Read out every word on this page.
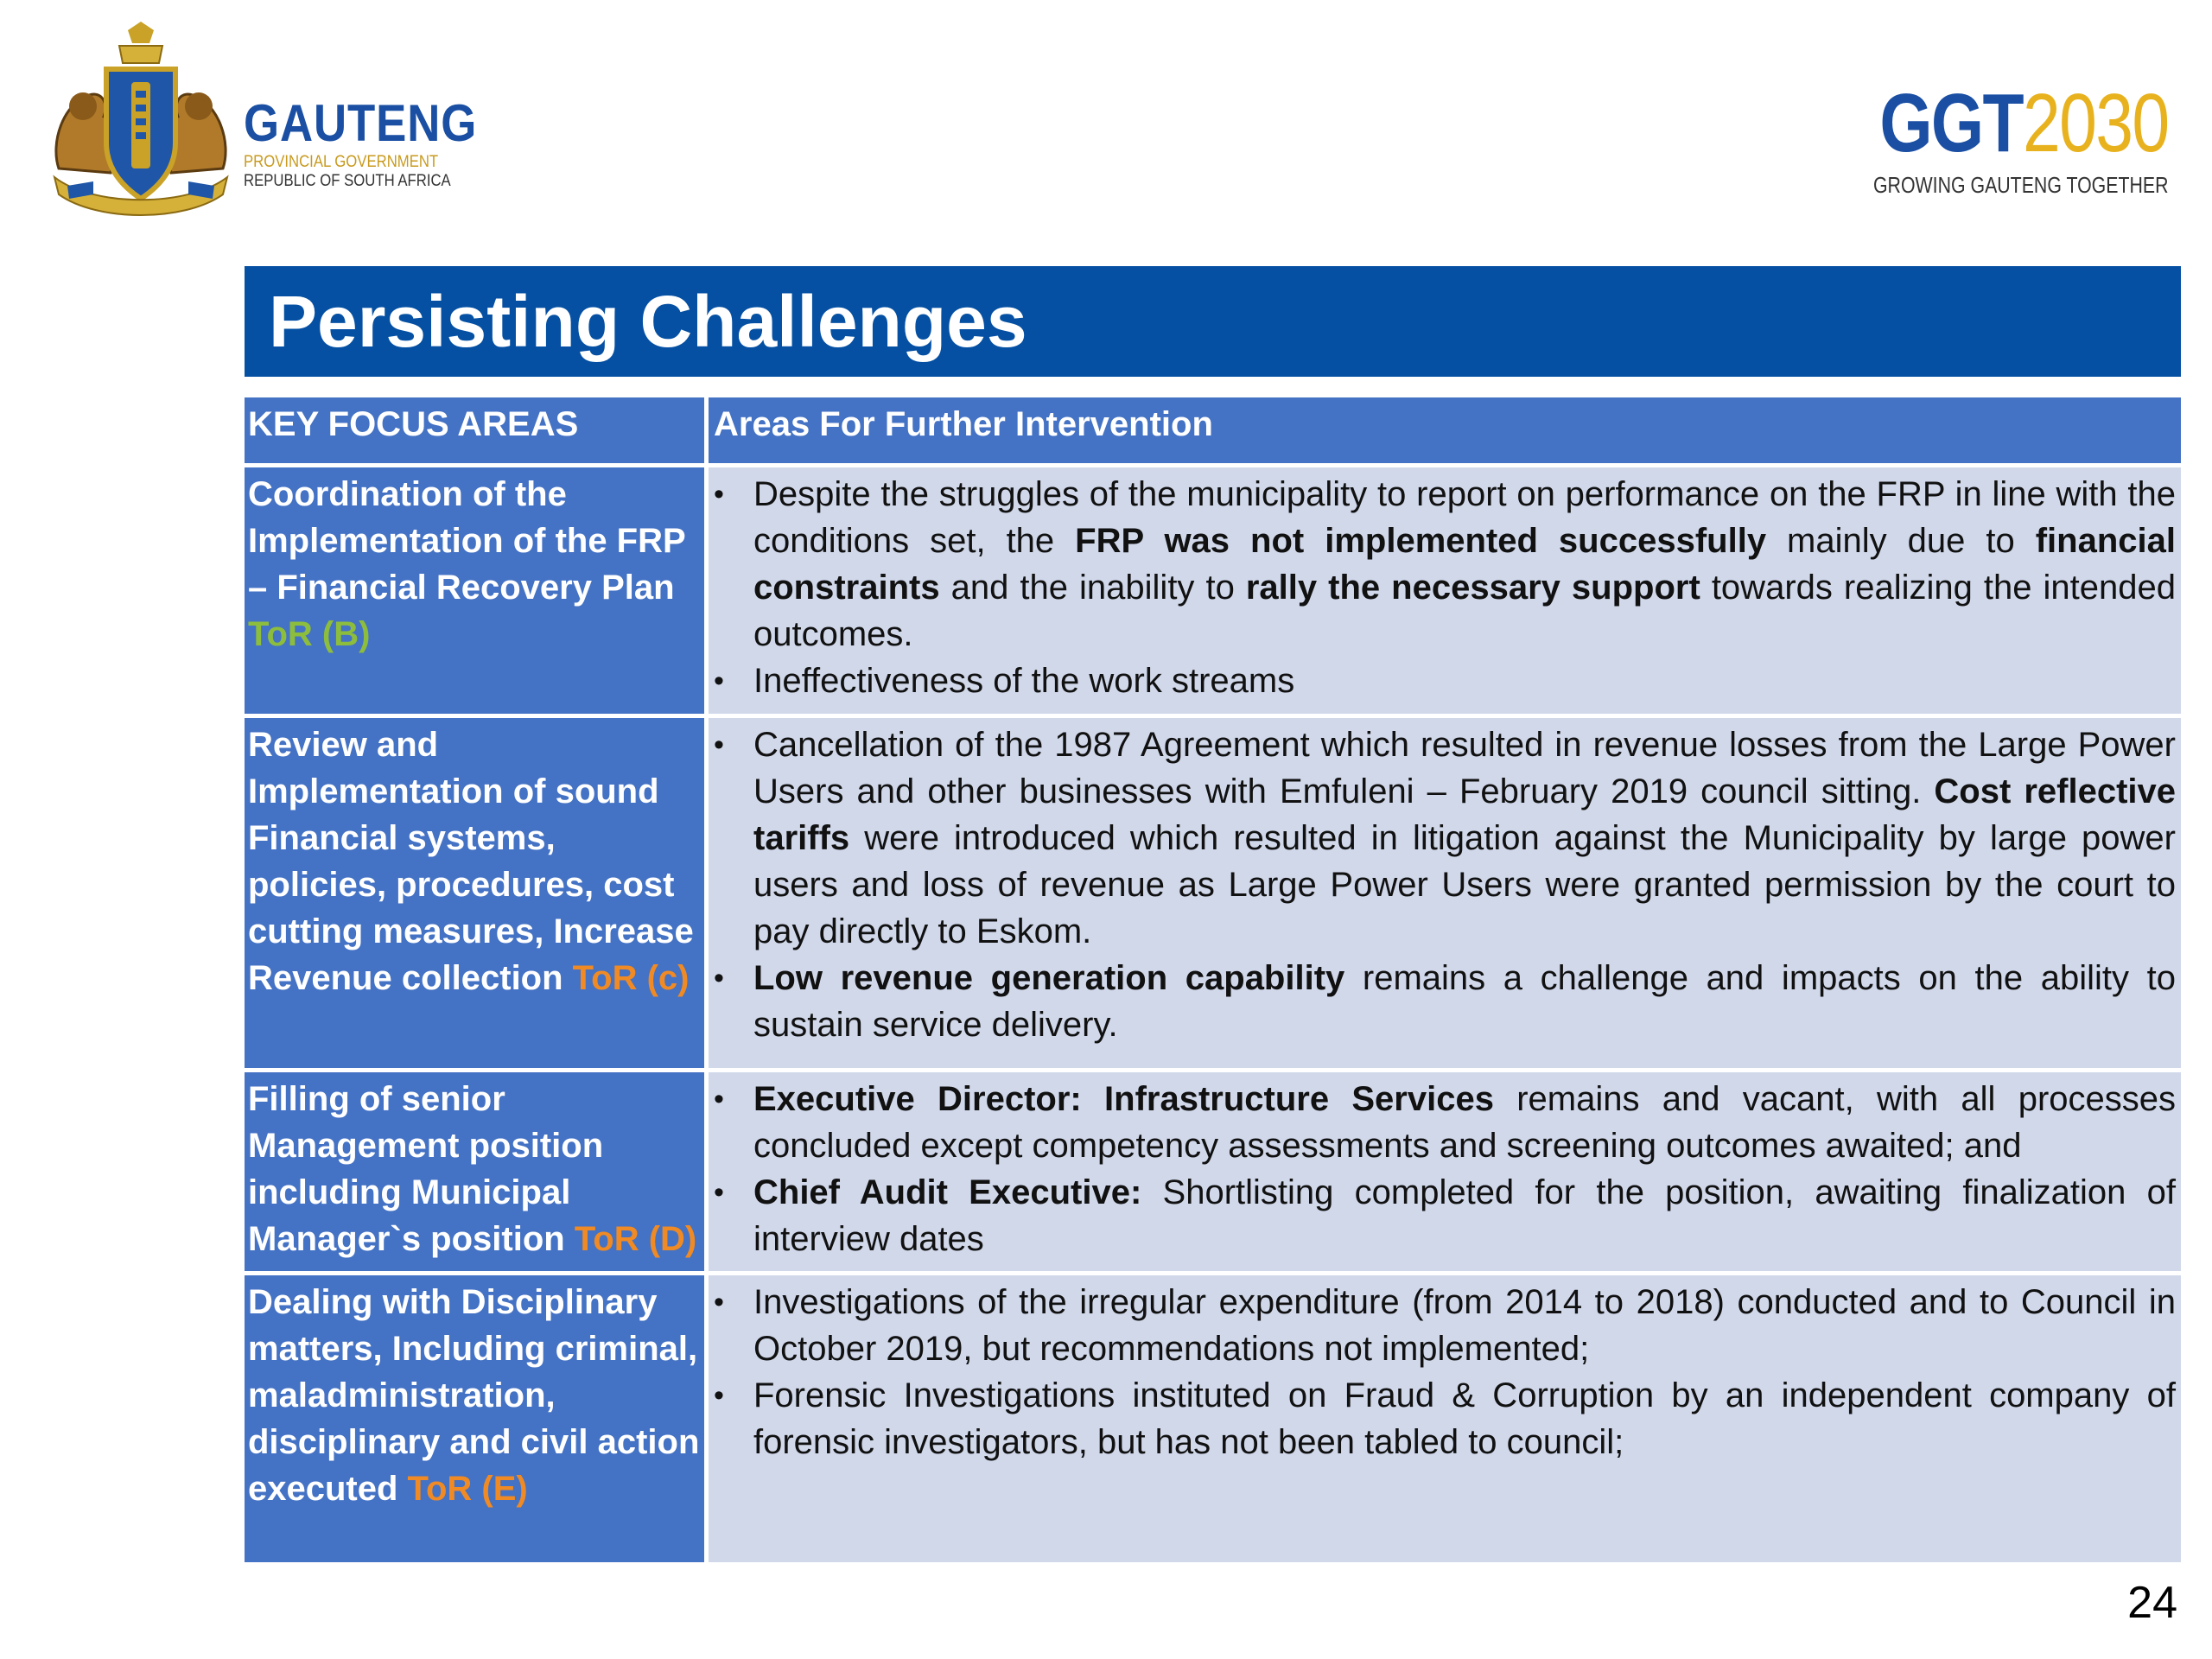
GAUTENG
PROVINCIAL GOVERNMENT
REPUBLIC OF SOUTH AFRICA
GGT2030
GROWING GAUTENG TOGETHER
Persisting Challenges
KEY FOCUS AREAS	Areas For Further Intervention
Coordination of the Implementation of the FRP – Financial Recovery Plan ToR (B)
• Despite the struggles of the municipality to report on performance on the FRP in line with the conditions set, the FRP was not implemented successfully mainly due to financial constraints and the inability to rally the necessary support towards realizing the intended outcomes.
• Ineffectiveness of the work streams
Review and Implementation of sound Financial systems, policies, procedures, cost cutting measures, Increase Revenue collection ToR (c)
• Cancellation of the 1987 Agreement which resulted in revenue losses from the Large Power Users and other businesses with Emfuleni – February 2019 council sitting. Cost reflective tariffs were introduced which resulted in litigation against the Municipality by large power users and loss of revenue as Large Power Users were granted permission by the court to pay directly to Eskom.
• Low revenue generation capability remains a challenge and impacts on the ability to sustain service delivery.
Filling of senior Management position including Municipal Manager`s position ToR (D)
• Executive Director: Infrastructure Services remains and vacant, with all processes concluded except competency assessments and screening outcomes awaited; and
• Chief Audit Executive: Shortlisting completed for the position, awaiting finalization of interview dates
Dealing with Disciplinary matters, Including criminal, maladministration, disciplinary and civil action executed ToR (E)
• Investigations of the irregular expenditure (from 2014 to 2018) conducted and to Council in October 2019, but recommendations not implemented;
• Forensic Investigations instituted on Fraud & Corruption by an independent company of forensic investigators, but has not been tabled to council;
24
